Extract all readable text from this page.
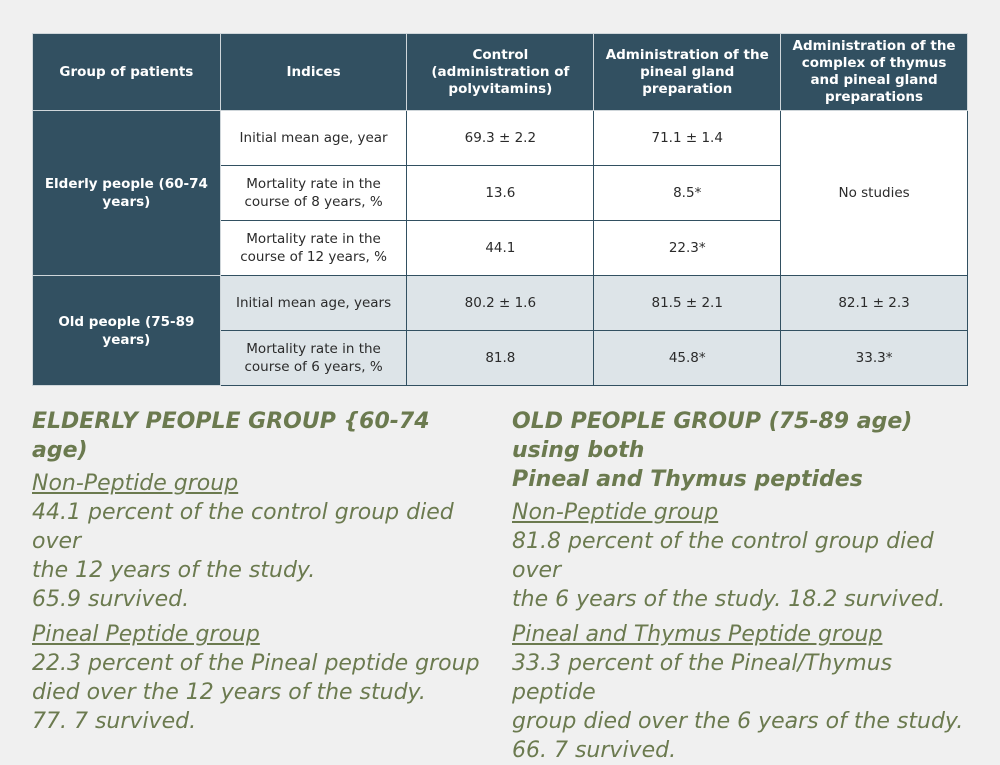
Group of patients	Indices	Control (administration of polyvitamins)	Administration of the pineal gland preparation	Administration of the complex of thymus and pineal gland preparations
Elderly people (60-74 years)	Initial mean age, year	69.3 ± 2.2	71.1 ± 1.4	No studies
	Mortality rate in the course of 8 years, %	13.6	8.5*	
	Mortality rate in the course of 12 years, %	44.1	22.3*	
Old people (75-89 years)	Initial mean age, years	80.2 ± 1.6	81.5 ± 2.1	82.1 ± 2.3
	Mortality rate in the course of 6 years, %	81.8	45.8*	33.3*

ELDERLY PEOPLE GROUP {60-74 age)

Non-Peptide group

44.1 percent of the control group died over

the 12 years of the study.

65.9 survived.

Pineal Peptide group

22.3 percent of the Pineal peptide group

died over the 12 years of the study.

77. 7 survived.

OLD PEOPLE GROUP (75-89 age) using both

Pineal and Thymus peptides

Non-Peptide group

81.8 percent of the control group died over

the 6 years of the study. 18.2 survived.

Pineal and Thymus Peptide group

33.3 percent of the Pineal/Thymus peptide

group died over the 6 years of the study.

66. 7 survived.
